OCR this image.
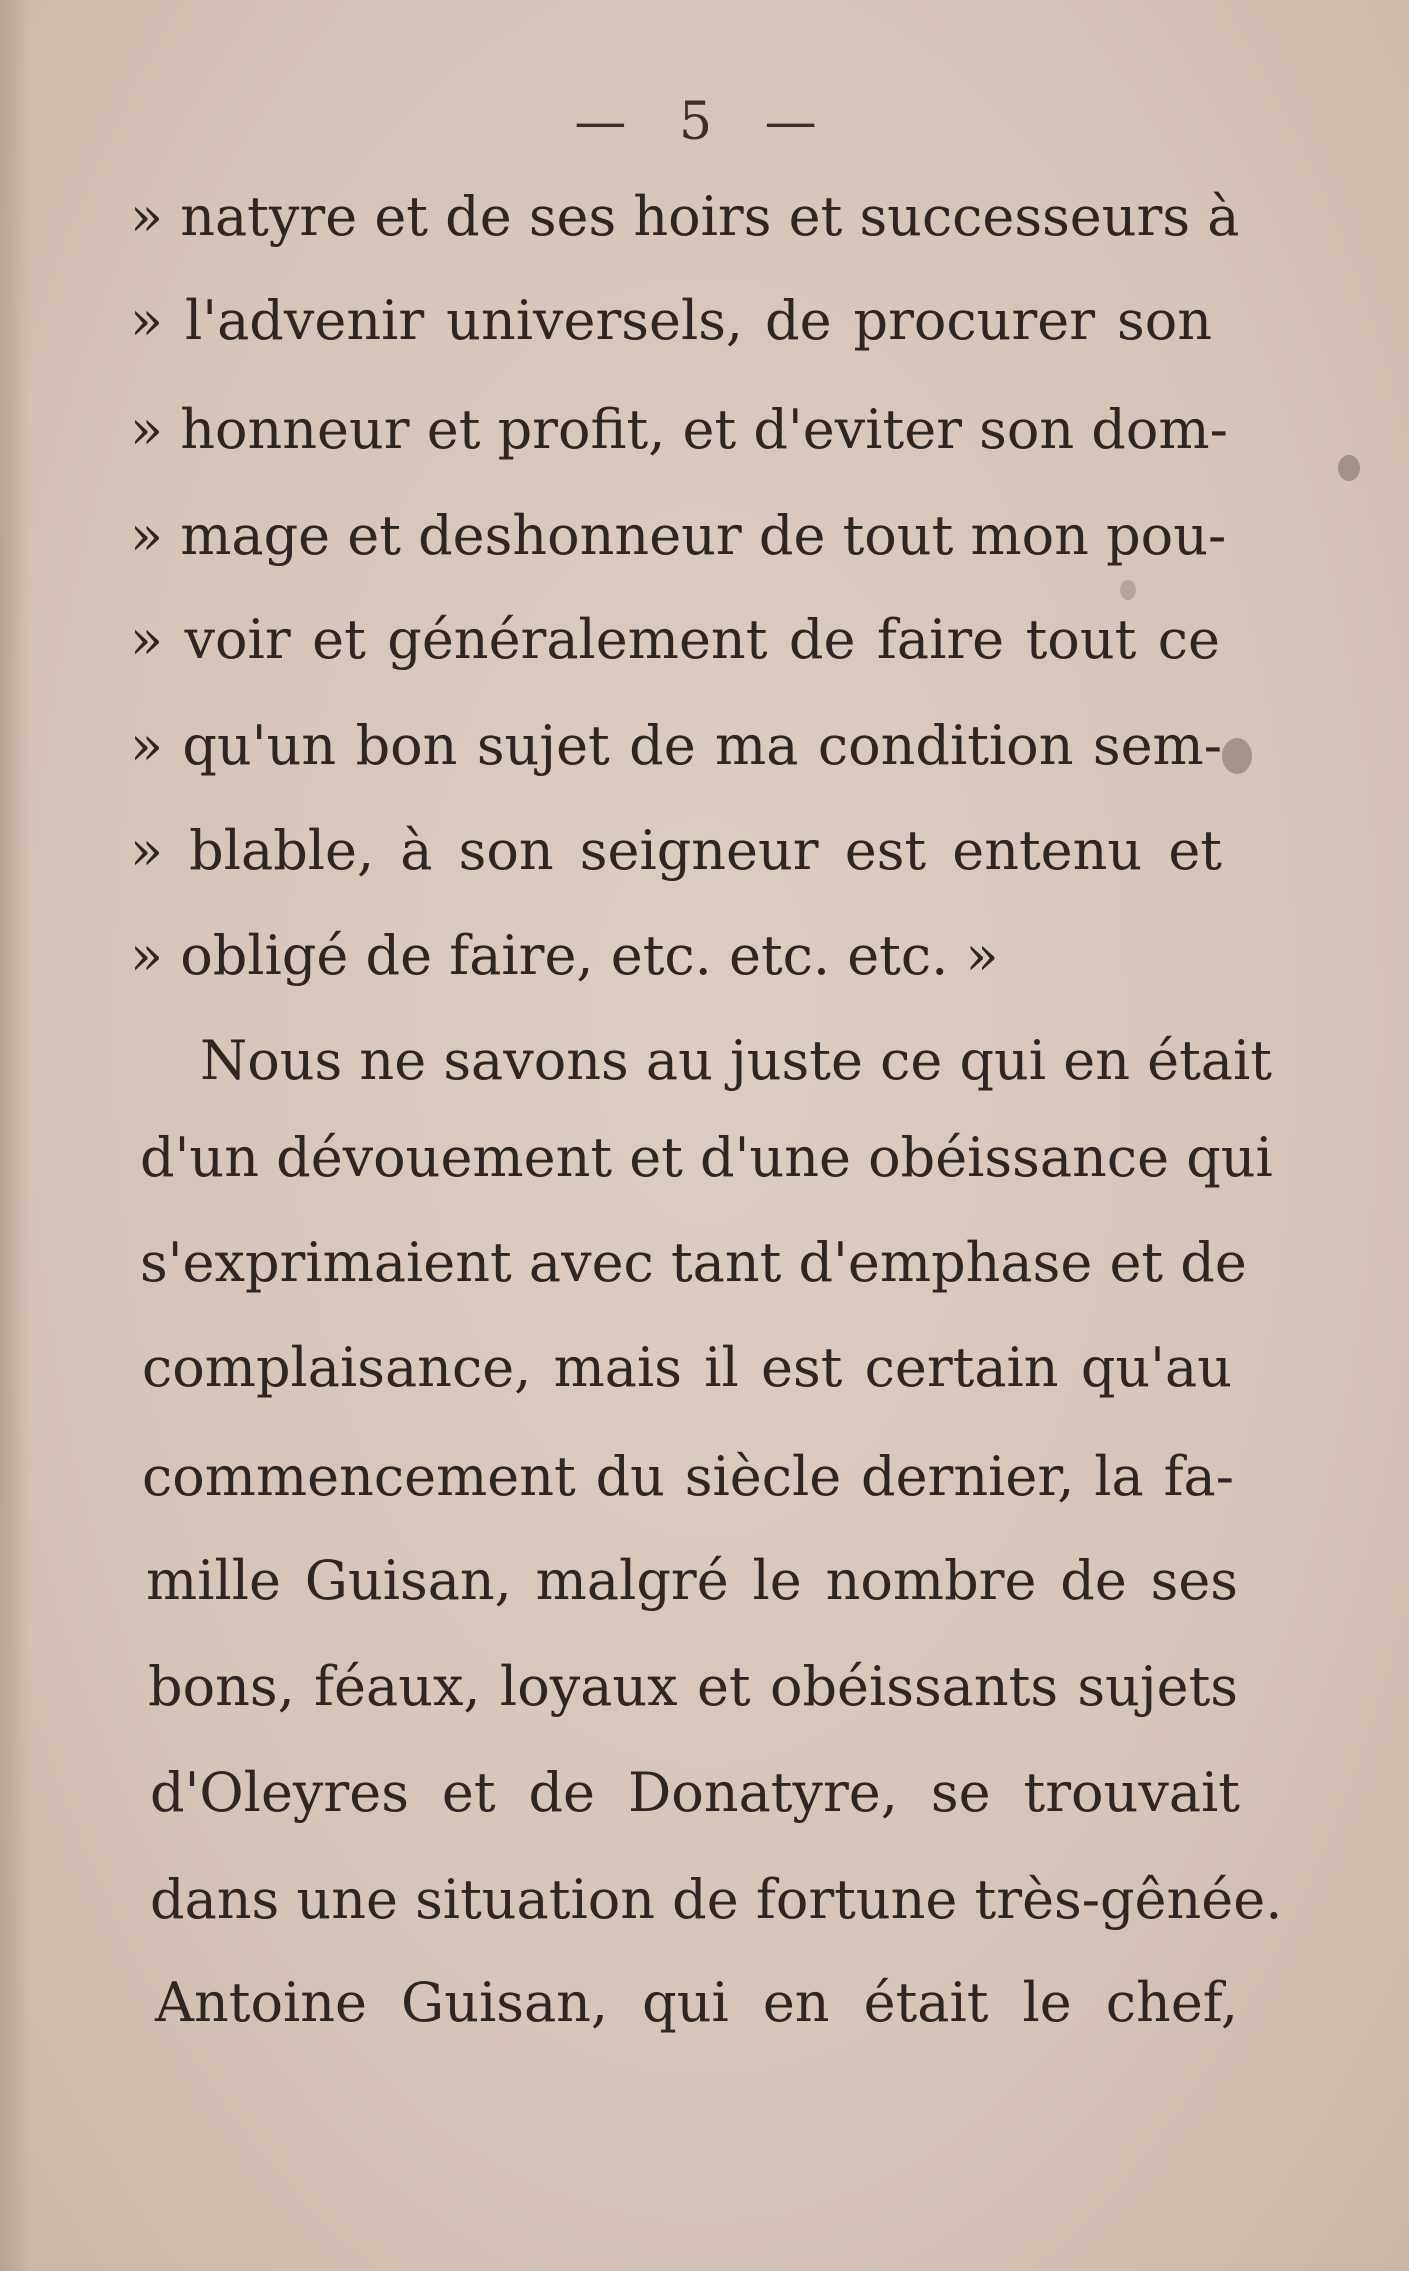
— 5 —
» natyre et de ses hoirs et successeurs à
» l'advenir universels, de procurer son
» honneur et profit, et d'eviter son dom-
» mage et deshonneur de tout mon pou-
» voir et généralement de faire tout ce
» qu'un bon sujet de ma condition sem-
» blable, à son seigneur est entenu et
» obligé de faire, etc. etc. etc. »
Nous ne savons au juste ce qui en était
d'un dévouement et d'une obéissance qui
s'exprimaient avec tant d'emphase et de
complaisance, mais il est certain qu'au
commencement du siècle dernier, la fa-
mille Guisan, malgré le nombre de ses
bons, féaux, loyaux et obéissants sujets
d'Oleyres et de Donatyre, se trouvait
dans une situation de fortune très-gênée.
Antoine Guisan, qui en était le chef,
